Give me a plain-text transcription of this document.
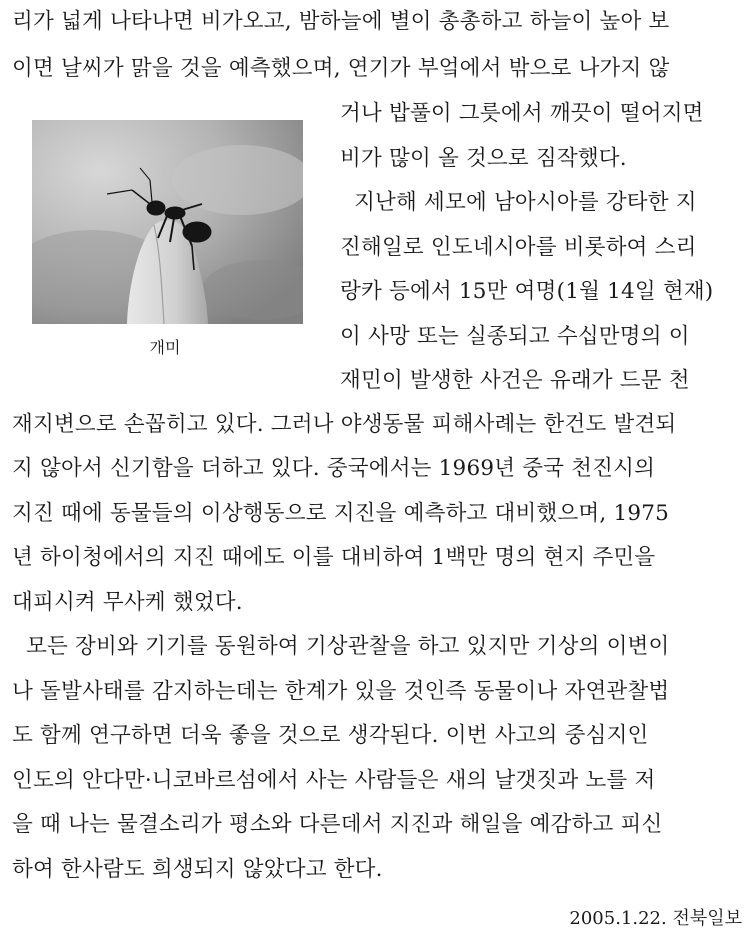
리가 넓게 나타나면 비가오고, 밤하늘에 별이 총총하고 하늘이 높아 보
이면 날씨가 맑을 것을 예측했으며, 연기가 부엌에서 밖으로 나가지 않
개미
거나 밥풀이 그릇에서 깨끗이 떨어지면
비가 많이 올 것으로 짐작했다.
지난해 세모에 남아시아를 강타한 지
진해일로 인도네시아를 비롯하여 스리
랑카 등에서 15만 여명(1월 14일 현재)
이 사망 또는 실종되고 수십만명의 이
재민이 발생한 사건은 유래가 드문 천
재지변으로 손꼽히고 있다. 그러나 야생동물 피해사례는 한건도 발견되
지 않아서 신기함을 더하고 있다. 중국에서는 1969년 중국 천진시의
지진 때에 동물들의 이상행동으로 지진을 예측하고 대비했으며, 1975
년 하이청에서의 지진 때에도 이를 대비하여 1백만 명의 현지 주민을
대피시켜 무사케 했었다.
모든 장비와 기기를 동원하여 기상관찰을 하고 있지만 기상의 이변이
나 돌발사태를 감지하는데는 한계가 있을 것인즉 동물이나 자연관찰법
도 함께 연구하면 더욱 좋을 것으로 생각된다. 이번 사고의 중심지인
인도의 안다만·니코바르섬에서 사는 사람들은 새의 날갯짓과 노를 저
을 때 나는 물결소리가 평소와 다른데서 지진과 해일을 예감하고 피신
하여 한사람도 희생되지 않았다고 한다.
2005.1.22. 전북일보
